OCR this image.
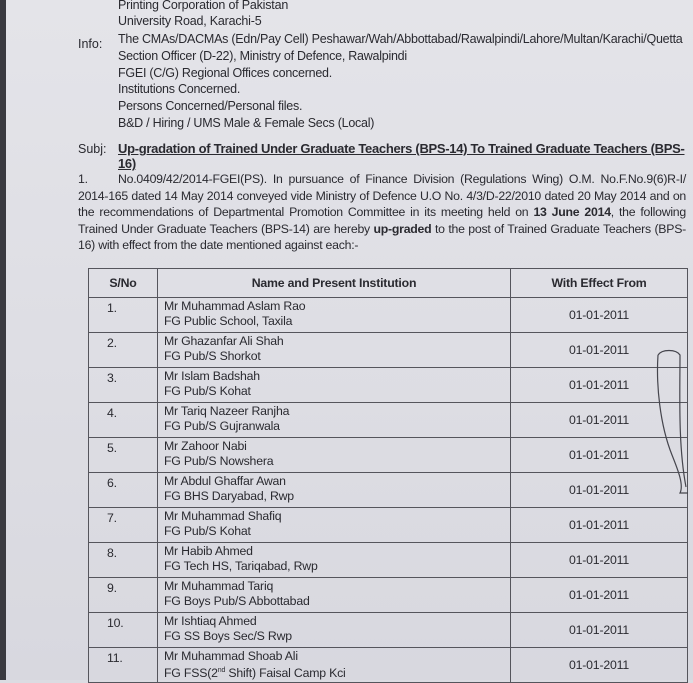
Printing Corporation of Pakistan
University Road, Karachi-5
Info: The CMAs/DACMAs (Edn/Pay Cell) Peshawar/Wah/Abbottabad/Rawalpindi/Lahore/Multan/Karachi/Quetta
Section Officer (D-22), Ministry of Defence, Rawalpindi
FGEI (C/G) Regional Offices concerned.
Institutions Concerned.
Persons Concerned/Personal files.
B&D / Hiring / UMS Male & Female Secs (Local)
Subj: Up-gradation of Trained Under Graduate Teachers (BPS-14) To Trained Graduate Teachers (BPS-16)
1. No.0409/42/2014-FGEI(PS). In pursuance of Finance Division (Regulations Wing) O.M. No.F.No.9(6)R-I/ 2014-165 dated 14 May 2014 conveyed vide Ministry of Defence U.O No. 4/3/D-22/2010 dated 20 May 2014 and on the recommendations of Departmental Promotion Committee in its meeting held on 13 June 2014, the following Trained Under Graduate Teachers (BPS-14) are hereby up-graded to the post of Trained Graduate Teachers (BPS-16) with effect from the date mentioned against each:-
S/No	Name and Present Institution	With Effect From
1.	Mr Muhammad Aslam Rao
FG Public School, Taxila	01-01-2011
2.	Mr Ghazanfar Ali Shah
FG Pub/S Shorkot	01-01-2011
3.	Mr Islam Badshah
FG Pub/S Kohat	01-01-2011
4.	Mr Tariq Nazeer Ranjha
FG Pub/S Gujranwala	01-01-2011
5.	Mr Zahoor Nabi
FG Pub/S Nowshera	01-01-2011
6.	Mr Abdul Ghaffar Awan
FG BHS Daryabad, Rwp	01-01-2011
7.	Mr Muhammad Shafiq
FG Pub/S Kohat	01-01-2011
8.	Mr Habib Ahmed
FG Tech HS, Tariqabad, Rwp	01-01-2011
9.	Mr Muhammad Tariq
FG Boys Pub/S Abbottabad	01-01-2011
10.	Mr Ishtiaq Ahmed
FG SS Boys Sec/S Rwp	01-01-2011
11.	Mr Muhammad Shoab Ali
FG FSS(2nd Shift) Faisal Camp Kci	01-01-2011
